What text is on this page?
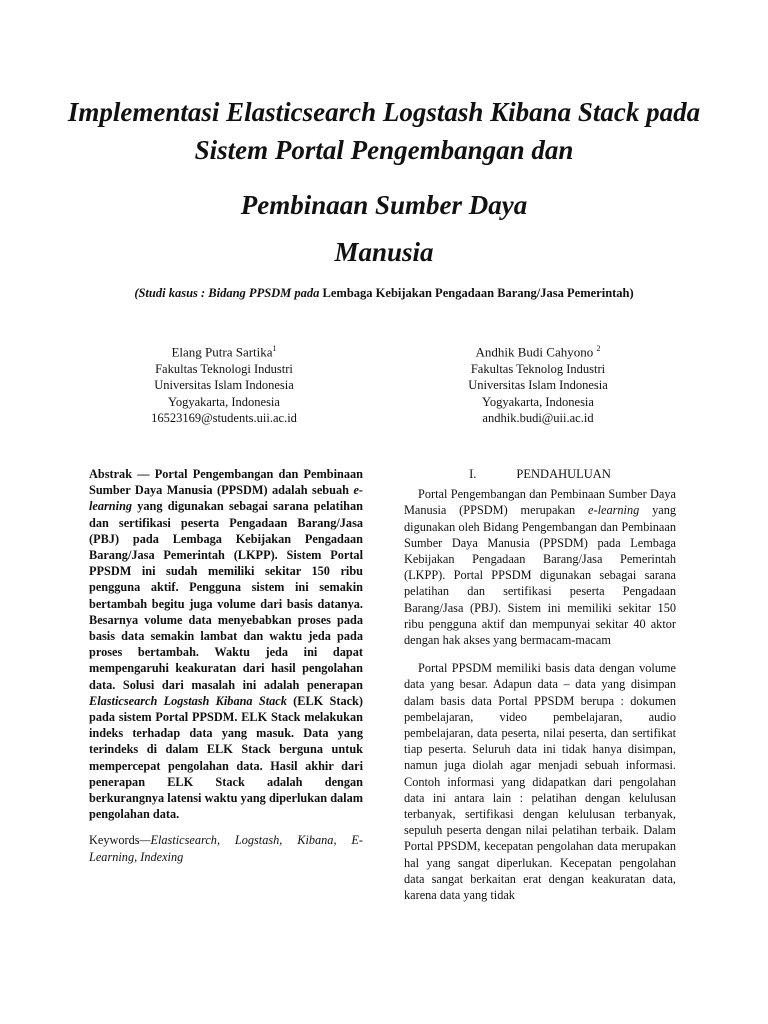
Implementasi Elasticsearch Logstash Kibana Stack pada Sistem Portal Pengembangan dan
Pembinaan Sumber Daya
Manusia
(Studi kasus : Bidang PPSDM pada Lembaga Kebijakan Pengadaan Barang/Jasa Pemerintah)
Elang Putra Sartika$^1$
Fakultas Teknologi Industri
Universitas Islam Indonesia
Yogyakarta, Indonesia
16523169@students.uii.ac.id
Andhik Budi Cahyono $^2$
Fakultas Teknolog Industri
Universitas Islam Indonesia
Yogyakarta, Indonesia
andhik.budi@uii.ac.id

Abstrak — Portal Pengembangan dan Pembinaan Sumber Daya Manusia (PPSDM) adalah sebuah e-learning yang digunakan sebagai sarana pelatihan dan sertifikasi peserta Pengadaan Barang/Jasa (PBJ) pada Lembaga Kebijakan Pengadaan Barang/Jasa Pemerintah (LKPP). Sistem Portal PPSDM ini sudah memiliki sekitar 150 ribu pengguna aktif. Pengguna sistem ini semakin bertambah begitu juga volume dari basis datanya. Besarnya volume data menyebabkan proses pada basis data semakin lambat dan waktu jeda pada proses bertambah. Waktu jeda ini dapat mempengaruhi keakuratan dari hasil pengolahan data. Solusi dari masalah ini adalah penerapan Elasticsearch Logstash Kibana Stack (ELK Stack) pada sistem Portal PPSDM. ELK Stack melakukan indeks terhadap data yang masuk. Data yang terindeks di dalam ELK Stack berguna untuk mempercepat pengolahan data. Hasil akhir dari penerapan ELK Stack adalah dengan berkurangnya latensi waktu yang diperlukan dalam pengolahan data.

Keywords—Elasticsearch, Logstash, Kibana, E-Learning, Indexing

I.	PENDAHULUAN

Portal Pengembangan dan Pembinaan Sumber Daya Manusia (PPSDM) merupakan e-learning yang digunakan oleh Bidang Pengembangan dan Pembinaan Sumber Daya Manusia (PPSDM) pada Lembaga Kebijakan Pengadaan Barang/Jasa Pemerintah (LKPP). Portal PPSDM digunakan sebagai sarana pelatihan dan sertifikasi peserta Pengadaan Barang/Jasa (PBJ). Sistem ini memiliki sekitar 150 ribu pengguna aktif dan mempunyai sekitar 40 aktor dengan hak akses yang bermacam-macam

Portal PPSDM memiliki basis data dengan volume data yang besar. Adapun data – data yang disimpan dalam basis data Portal PPSDM berupa : dokumen pembelajaran, video pembelajaran, audio pembelajaran, data peserta, nilai peserta, dan sertifikat tiap peserta. Seluruh data ini tidak hanya disimpan, namun juga diolah agar menjadi sebuah informasi. Contoh informasi yang didapatkan dari pengolahan data ini antara lain : pelatihan dengan kelulusan terbanyak, sertifikasi dengan kelulusan terbanyak, sepuluh peserta dengan nilai pelatihan terbaik. Dalam Portal PPSDM, kecepatan pengolahan data merupakan hal yang sangat diperlukan. Kecepatan pengolahan data sangat berkaitan erat dengan keakuratan data, karena data yang tidak
